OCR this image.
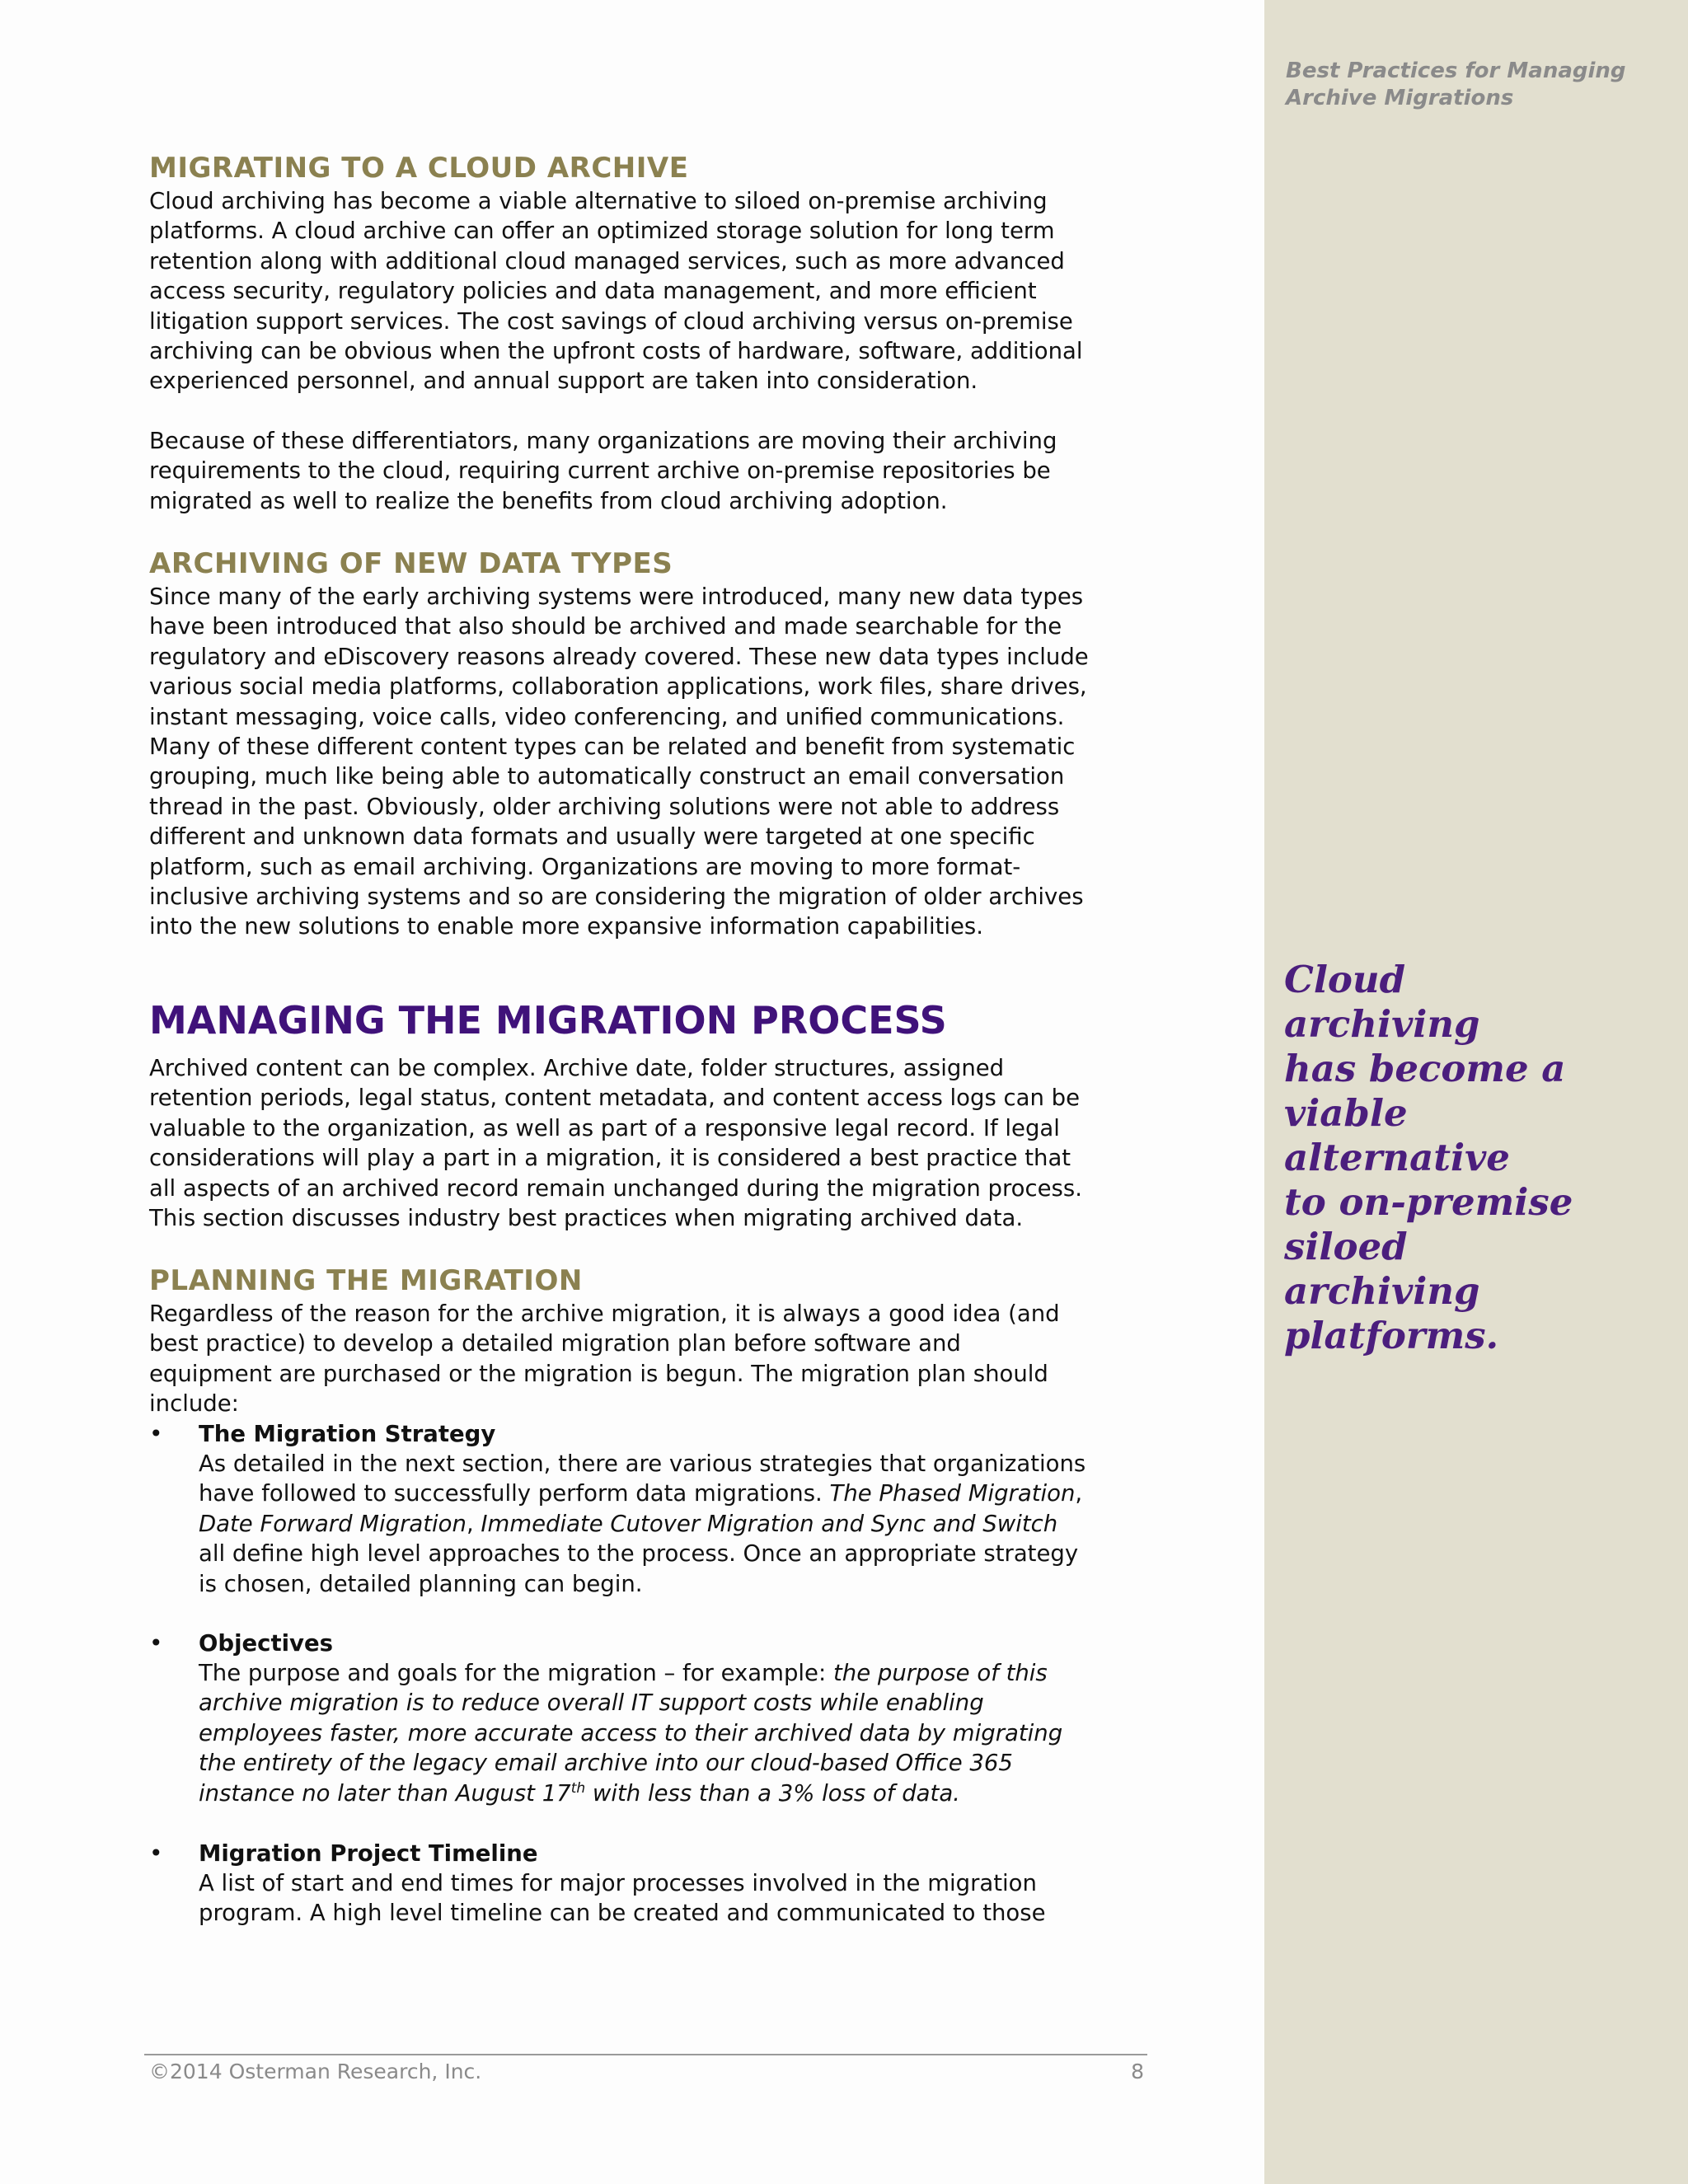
Best Practices for Managing
Archive Migrations
Cloud archiving
has become a
viable alternative
to on-premise
siloed archiving
platforms.
MIGRATING TO A CLOUD ARCHIVE

Cloud archiving has become a viable alternative to siloed on-premise archiving platforms. A cloud archive can offer an optimized storage solution for long term retention along with additional cloud managed services, such as more advanced access security, regulatory policies and data management, and more efficient litigation support services. The cost savings of cloud archiving versus on-premise archiving can be obvious when the upfront costs of hardware, software, additional experienced personnel, and annual support are taken into consideration.

Because of these differentiators, many organizations are moving their archiving requirements to the cloud, requiring current archive on-premise repositories be migrated as well to realize the benefits from cloud archiving adoption.

ARCHIVING OF NEW DATA TYPES

Since many of the early archiving systems were introduced, many new data types have been introduced that also should be archived and made searchable for the regulatory and eDiscovery reasons already covered. These new data types include various social media platforms, collaboration applications, work files, share drives, instant messaging, voice calls, video conferencing, and unified communications. Many of these different content types can be related and benefit from systematic grouping, much like being able to automatically construct an email conversation thread in the past. Obviously, older archiving solutions were not able to address different and unknown data formats and usually were targeted at one specific platform, such as email archiving. Organizations are moving to more format-inclusive archiving systems and so are considering the migration of older archives into the new solutions to enable more expansive information capabilities.

MANAGING THE MIGRATION PROCESS

Archived content can be complex. Archive date, folder structures, assigned retention periods, legal status, content metadata, and content access logs can be valuable to the organization, as well as part of a responsive legal record. If legal considerations will play a part in a migration, it is considered a best practice that all aspects of an archived record remain unchanged during the migration process. This section discusses industry best practices when migrating archived data.

PLANNING THE MIGRATION

Regardless of the reason for the archive migration, it is always a good idea (and best practice) to develop a detailed migration plan before software and equipment are purchased or the migration is begun. The migration plan should include:

• The Migration Strategy

As detailed in the next section, there are various strategies that organizations have followed to successfully perform data migrations. The Phased Migration, Date Forward Migration, Immediate Cutover Migration and Sync and Switch all define high level approaches to the process. Once an appropriate strategy is chosen, detailed planning can begin.

• Objectives

The purpose and goals for the migration – for example: the purpose of this archive migration is to reduce overall IT support costs while enabling employees faster, more accurate access to their archived data by migrating the entirety of the legacy email archive into our cloud-based Office 365 instance no later than August 17th with less than a 3% loss of data.

• Migration Project Timeline

A list of start and end times for major processes involved in the migration program. A high level timeline can be created and communicated to those

©2014 Osterman Research, Inc.	8
